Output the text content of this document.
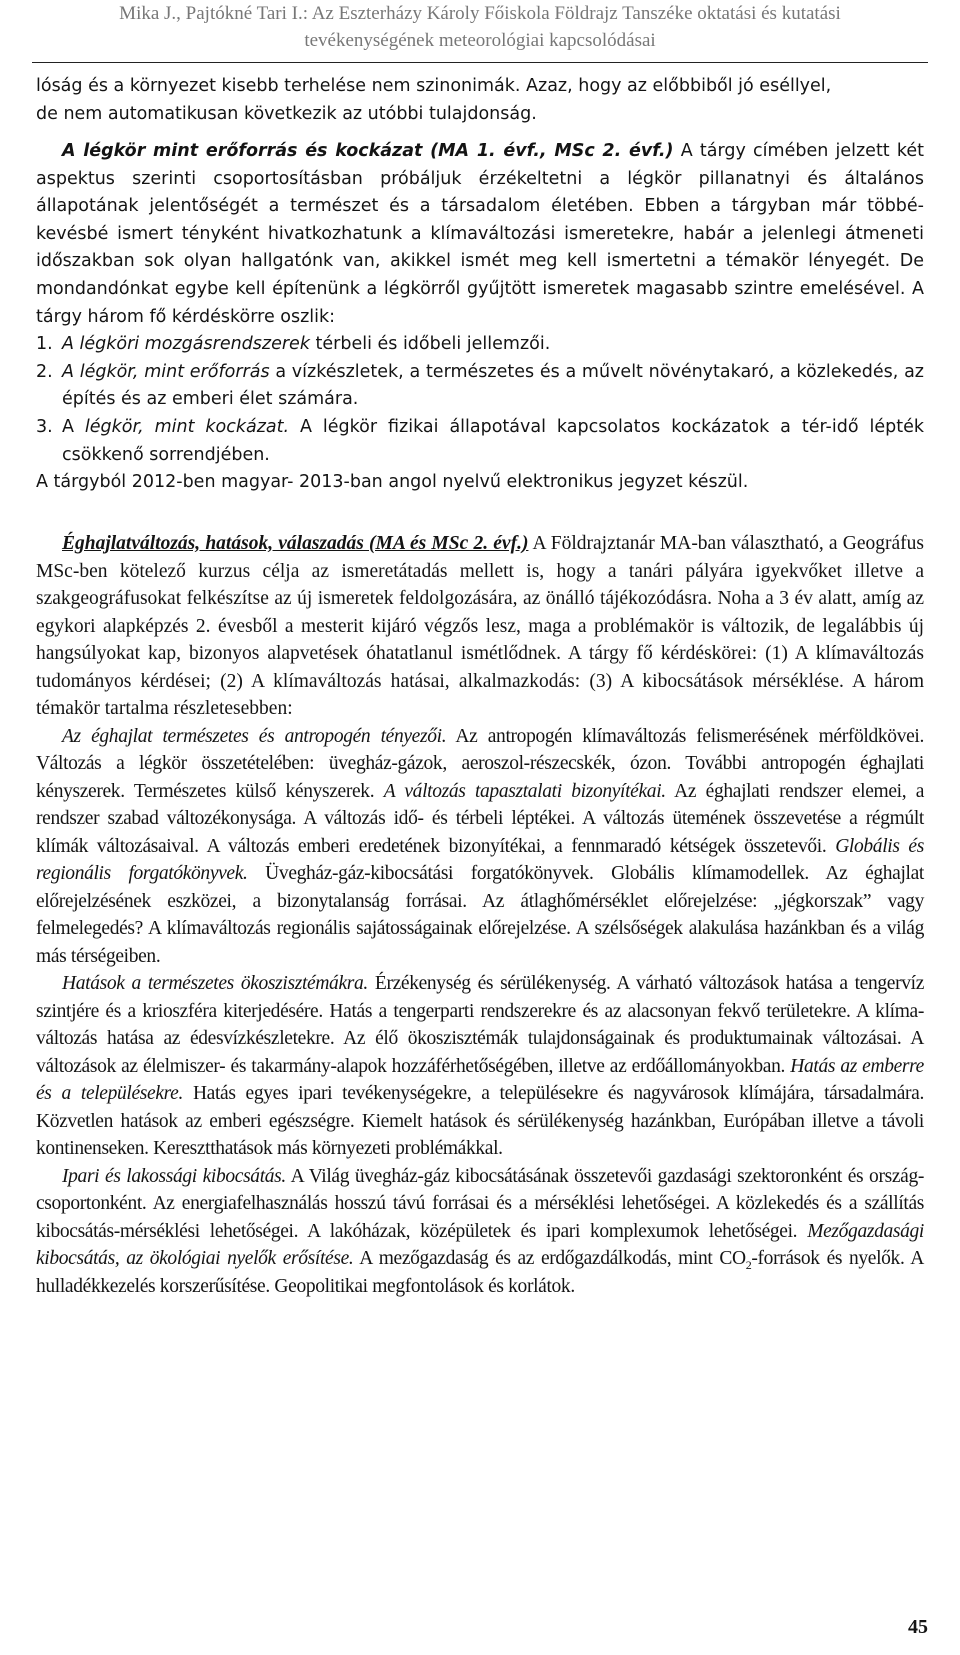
Mika J., Pajtókné Tari I.: Az Eszterházy Károly Főiskola Földrajz Tanszéke oktatási és kutatási
tevékenységének meteorológiai kapcsolódásai
lóság és a környezet kisebb terhelése nem szinonimák. Azaz, hogy az előbbiből jó eséllyel,
de nem automatikusan következik az utóbbi tulajdonság.

A légkör mint erőforrás és kockázat (MA 1. évf., MSc 2. évf.) A tárgy címében jelzett két aspektus szerinti csoportosításban próbáljuk érzékeltetni a légkör pillanatnyi és általános állapotának jelentőségét a természet és a társadalom életében. Ebben a tárgyban már többé-kevésbé ismert tényként hivatkozhatunk a klímaváltozási ismeretekre, habár a jelenlegi átmeneti időszakban sok olyan hallgatónk van, akikkel ismét meg kell ismertetni a témakör lényegét. De mondandónkat egybe kell építenünk a légkörről gyűjtött ismeretek magasabb szintre emelésével. A tárgy három fő kérdéskörre oszlik:

1. A légköri mozgásrendszerek térbeli és időbeli jellemzői.
2. A légkör, mint erőforrás a vízkészletek, a természetes és a művelt növénytakaró, a közlekedés, az építés és az emberi élet számára.
3. A légkör, mint kockázat. A légkör fizikai állapotával kapcsolatos kockázatok a tér-idő lépték csökkenő sorrendjében.

A tárgyból 2012-ben magyar- 2013-ban angol nyelvű elektronikus jegyzet készül.

Éghajlatváltozás, hatások, válaszadás (MA és MSc 2. évf.) A Földrajztanár MA-ban választható, a Geográfus MSc-ben kötelező kurzus célja az ismeretátadás mellett is, hogy a tanári pályára igyekvőket illetve a szakgeográfusokat felkészítse az új ismeretek feldolgozására, az önálló tájékozódásra. Noha a 3 év alatt, amíg az egykori alapképzés 2. évesből a mesterit kijáró végzős lesz, maga a problémakör is változik, de legalábbis új hangsúlyokat kap, bizonyos alapvetések óhatatlanul ismétlődnek. A tárgy fő kérdéskörei: (1) A klímaváltozás tudományos kérdései; (2) A klímaváltozás hatásai, alkalmazkodás: (3) A kibocsátások mérséklése. A három témakör tartalma részletesebben:

Az éghajlat természetes és antropogén tényezői. Az antropogén klímaváltozás felismerésének mérföldkövei. Változás a légkör összetételében: üvegház-gázok, aeroszol-részecskék, ózon. További antropogén éghajlati kényszerek. Természetes külső kényszerek. A változás tapasztalati bizonyítékai. Az éghajlati rendszer elemei, a rendszer szabad változékonysága. A változás idő- és térbeli léptékei. A változás ütemének összevetése a régmúlt klímák változásaival. A változás emberi eredetének bizonyítékai, a fennmaradó kétségek összetevői. Globális és regionális forgatókönyvek. Üvegház-gáz-kibocsátási forgatókönyvek. Globális klímamodellek. Az éghajlat előrejelzésének eszközei, a bizonytalanság forrásai. Az átlaghőmérséklet előrejelzése: „jégkorszak” vagy felmelegedés? A klímaváltozás regionális sajátosságainak előrejelzése. A szélsőségek alakulása hazánkban és a világ más térségeiben.

Hatások a természetes ökoszisztémákra. Érzékenység és sérülékenység. A várható változások hatása a tengervíz szintjére és a krioszféra kiterjedésére. Hatás a tengerparti rendszerekre és az alacsonyan fekvő területekre. A klíma-változás hatása az édesvízkészletekre. Az élő ökoszisztémák tulajdonságainak és produktumainak változásai. A változások az élelmiszer- és takarmány-alapok hozzáférhetőségében, illetve az erdőállományokban. Hatás az emberre és a településekre. Hatás egyes ipari tevékenységekre, a településekre és nagyvárosok klímájára, társadalmára. Közvetlen hatások az emberi egészségre. Kiemelt hatások és sérülékenység hazánkban, Európában illetve a távoli kontinenseken. Keresztthatások más környezeti problémákkal.

Ipari és lakossági kibocsátás. A Világ üvegház-gáz kibocsátásának összetevői gazdasági szektoronként és ország-csoportonként. Az energiafelhasználás hosszú távú forrásai és a mérséklési lehetőségei. A közlekedés és a szállítás kibocsátás-mérséklési lehetőségei. A lakóházak, középületek és ipari komplexumok lehetőségei. Mezőgazdasági kibocsátás, az ökológiai nyelők erősítése. A mezőgazdaság és az erdőgazdálkodás, mint $CO_2$-források és nyelők. A hulladékkezelés korszerűsítése. Geopolitikai megfontolások és korlátok.

45
